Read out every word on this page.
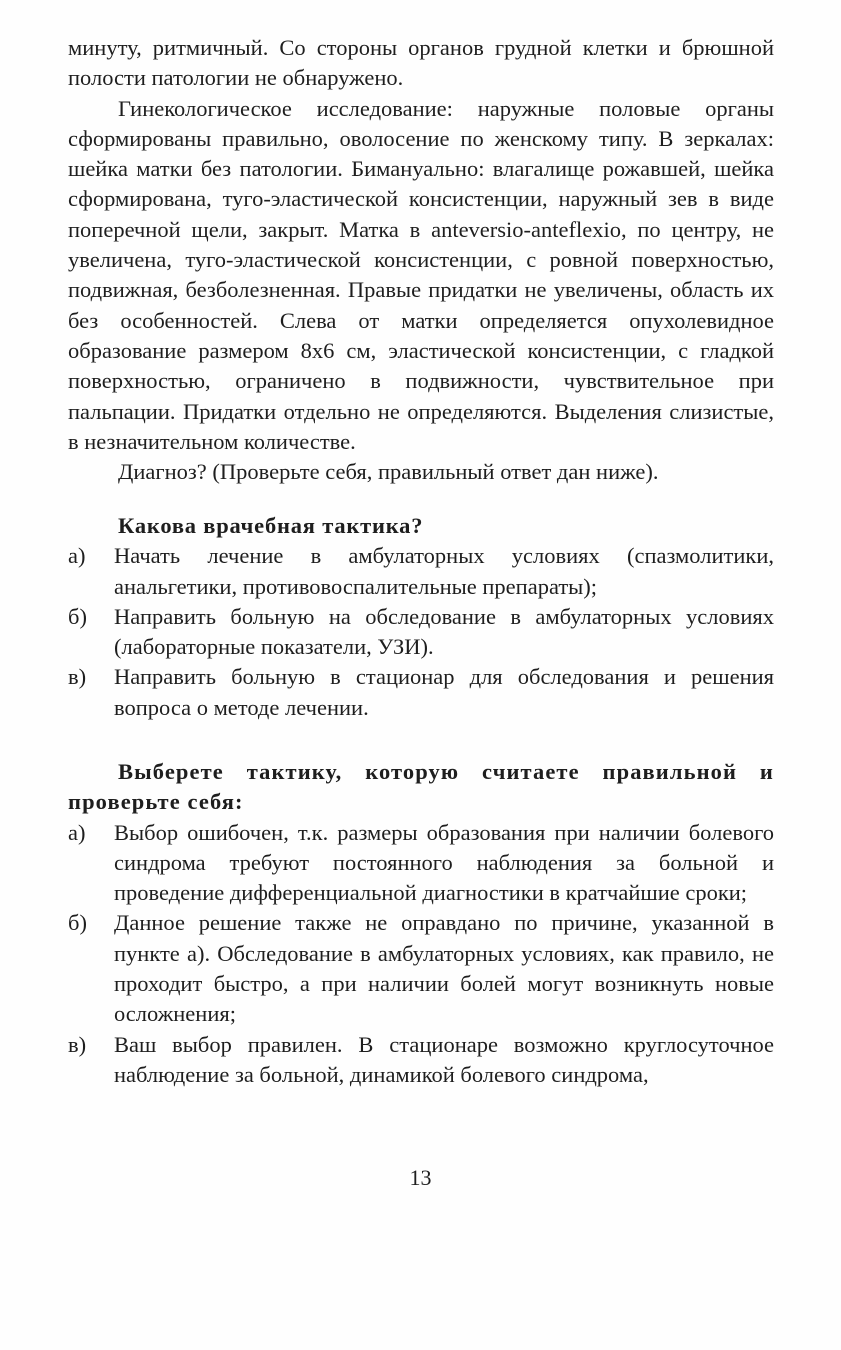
минуту, ритмичный. Со стороны органов грудной клетки и брюшной полости патологии не обнаружено.

Гинекологическое исследование: наружные половые органы сформированы правильно, оволосение по женскому типу. В зеркалах: шейка матки без патологии. Бимануально: влагалище рожавшей, шейка сформирована, туго-эластической консистенции, наружный зев в виде поперечной щели, закрыт. Матка в anteversio-anteflexio, по центру, не увеличена, туго-эластической консистенции, с ровной поверхностью, подвижная, безболезненная. Правые придатки не увеличены, область их без особенностей. Слева от матки определяется опухолевидное образование размером 8х6 см, эластической консистенции, с гладкой поверхностью, ограничено в подвижности, чувствительное при пальпации. Придатки отдельно не определяются. Выделения слизистые, в незначительном количестве.

Диагноз? (Проверьте себя, правильный ответ дан ниже).

Какова врачебная тактика?

а)	Начать лечение в амбулаторных условиях (спазмолитики, анальгетики, противовоспалительные препараты);
б)	Направить больную на обследование в амбулаторных условиях (лабораторные показатели, УЗИ).
в)	Направить больную в стационар для обследования и решения вопроса о методе лечении.

Выберете тактику, которую считаете правильной и проверьте себя:

а)	Выбор ошибочен, т.к. размеры образования при наличии болевого синдрома требуют постоянного наблюдения за больной и проведение дифференциальной диагностики в кратчайшие сроки;
б)	Данное решение также не оправдано по причине, указанной в пункте а). Обследование в амбулаторных условиях, как правило, не проходит быстро, а при наличии болей могут возникнуть новые осложнения;
в)	Ваш выбор правилен. В стационаре возможно круглосуточное наблюдение за больной, динамикой болевого синдрома,
13
